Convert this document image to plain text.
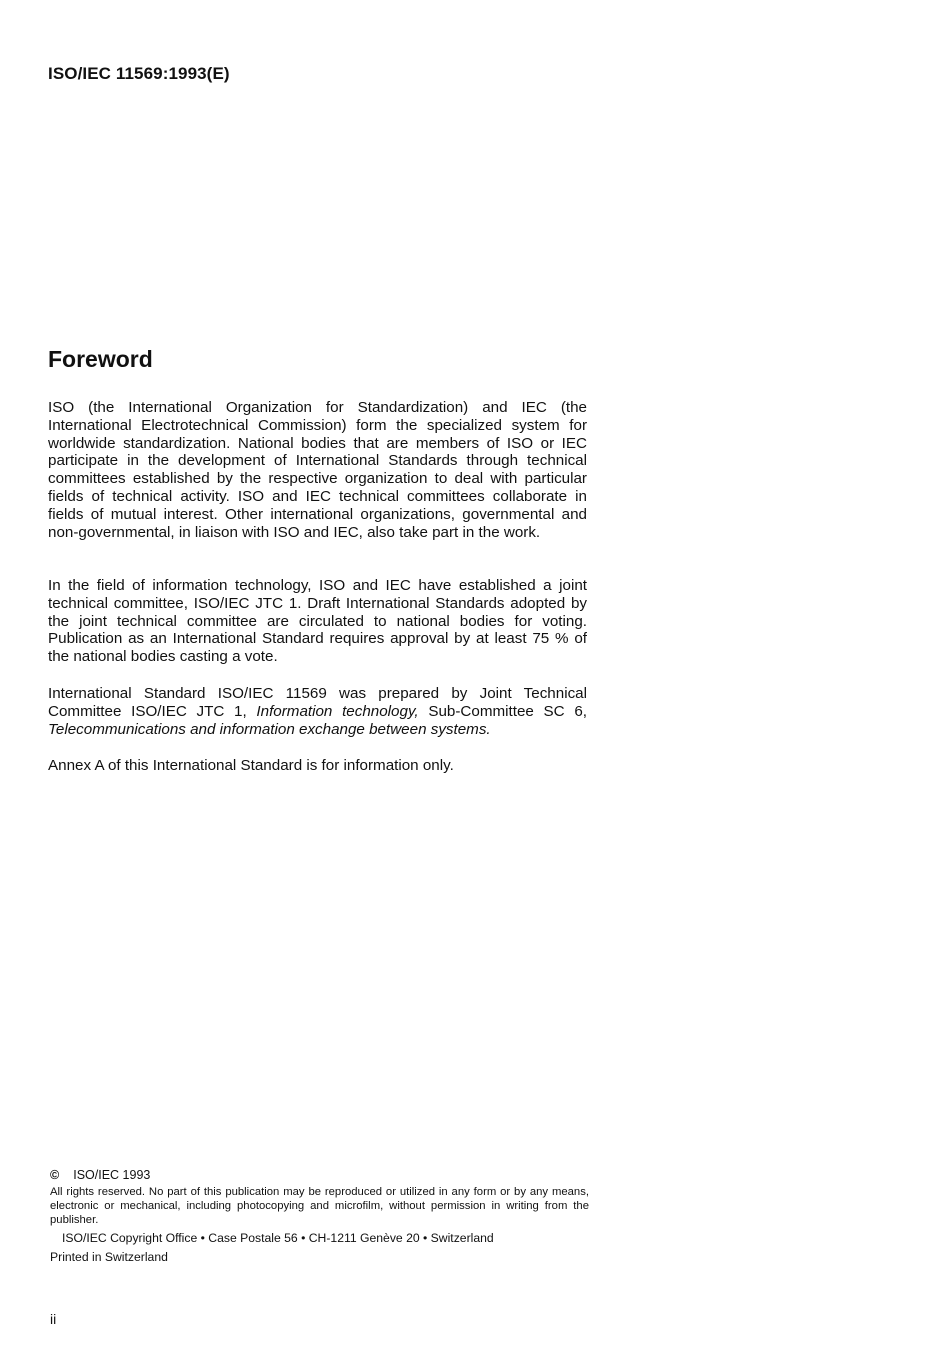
ISO/IEC 11569:1993(E)
Foreword

ISO (the International Organization for Standardization) and IEC (the International Electrotechnical Commission) form the specialized system for worldwide standardization. National bodies that are members of ISO or IEC participate in the development of International Standards through technical committees established by the respective organization to deal with particular fields of technical activity. ISO and IEC technical committees collaborate in fields of mutual interest. Other international organizations, governmental and non-governmental, in liaison with ISO and IEC, also take part in the work.

In the field of information technology, ISO and IEC have established a joint technical committee, ISO/IEC JTC 1. Draft International Standards adopted by the joint technical committee are circulated to national bodies for voting. Publication as an International Standard requires approval by at least 75 % of the national bodies casting a vote.

International Standard ISO/IEC 11569 was prepared by Joint Technical Committee ISO/IEC JTC 1, Information technology, Sub-Committee SC 6, Telecommunications and information exchange between systems.

Annex A of this International Standard is for information only.

© ISO/IEC 1993

All rights reserved. No part of this publication may be reproduced or utilized in any form or by any means, electronic or mechanical, including photocopying and microfilm, without permission in writing from the publisher.

ISO/IEC Copyright Office • Case Postale 56 • CH-1211 Genève 20 • Switzerland
Printed in Switzerland
ii
